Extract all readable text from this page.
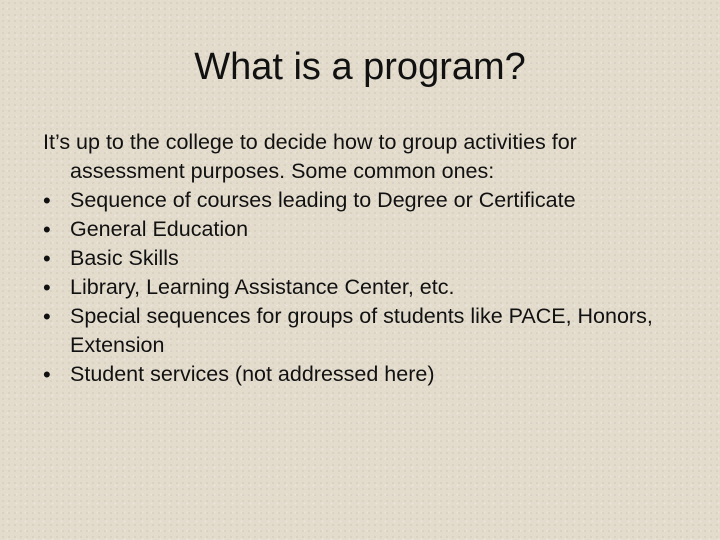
What is a program?

It’s up to the college to decide how to group activities for assessment purposes. Some common ones:

Sequence of courses leading to Degree or Certificate
General Education
Basic Skills
Library, Learning Assistance Center, etc.
Special sequences for groups of students like PACE, Honors, Extension
Student services (not addressed here)
